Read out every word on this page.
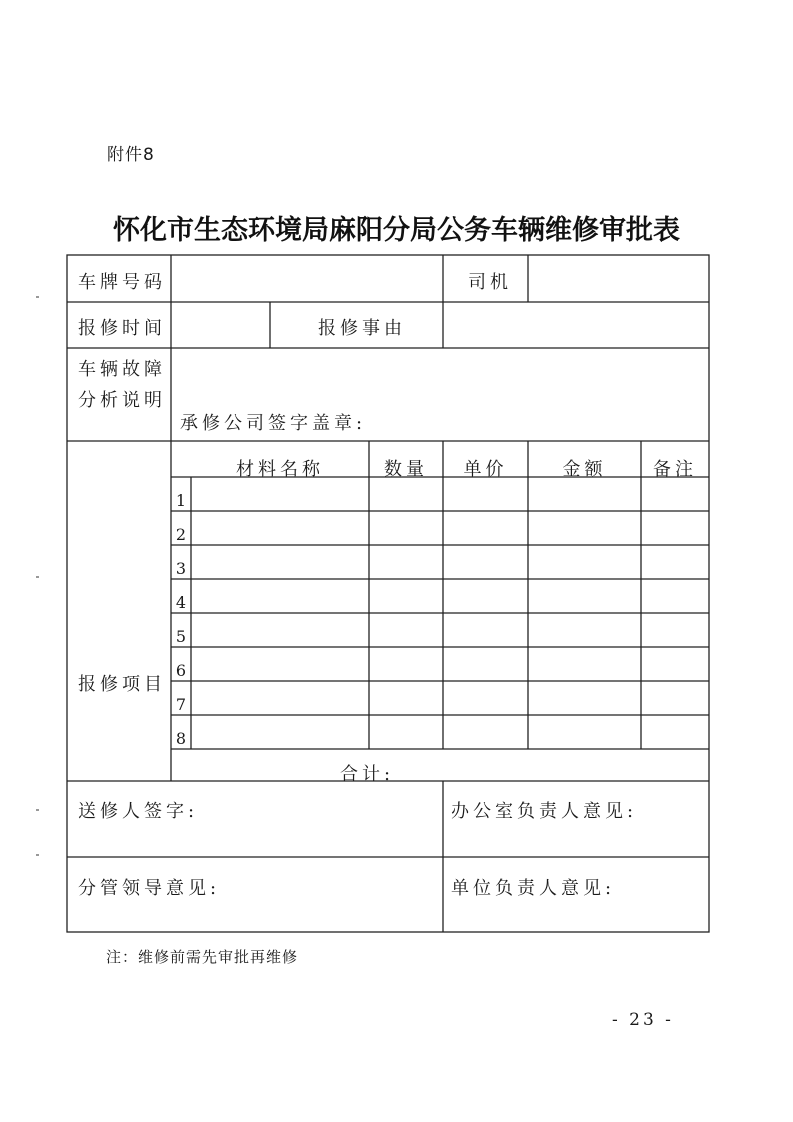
附件8
怀化市生态环境局麻阳分局公务车辆维修审批表
车牌号码	司机
报修时间	报修事由
车辆故障
分析说明
承修公司签字盖章:
报修项目
材料名称	数量	单价	金额	备注
1
2
3
4
5
6
7
8
合计:
送修人签字:	办公室负责人意见:
分管领导意见:	单位负责人意见:
注：维修前需先审批再维修
- 23 -
